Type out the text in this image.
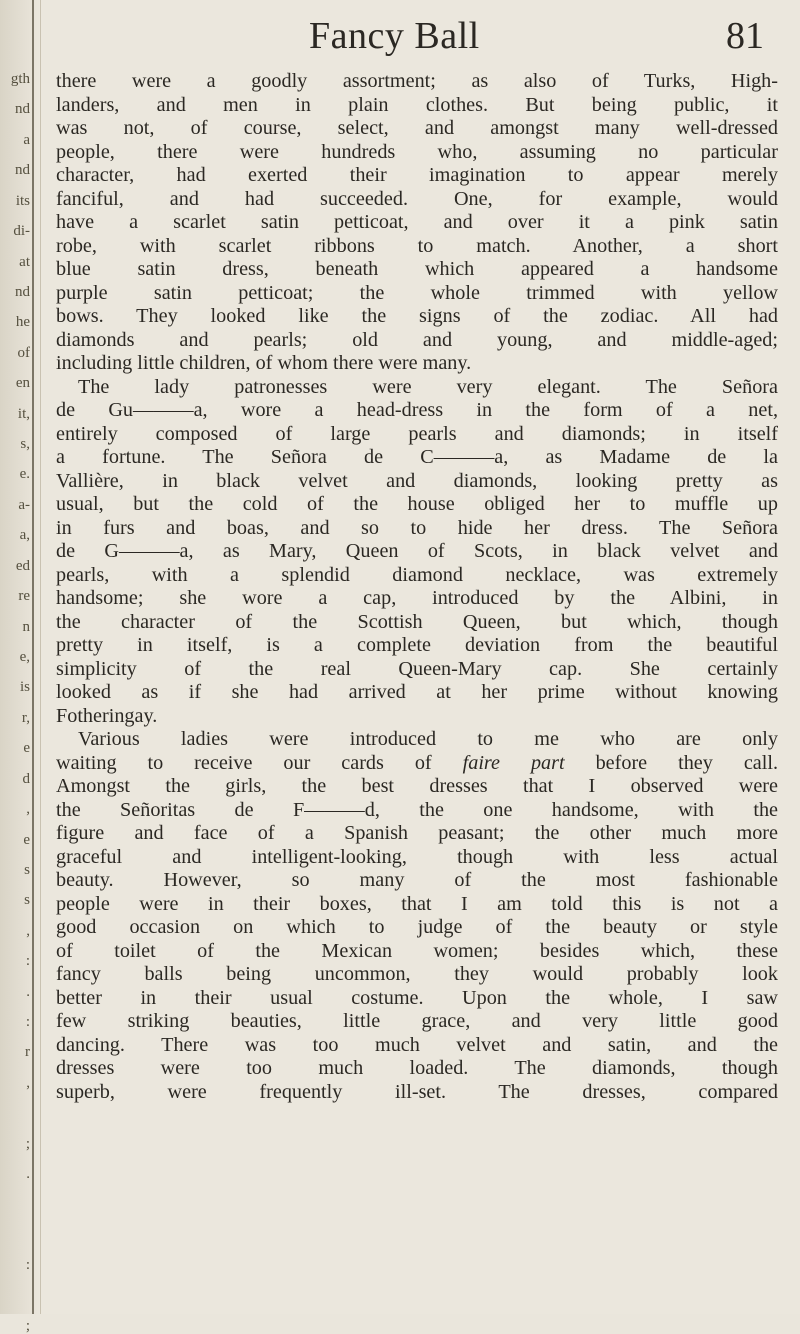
gth
nd
a
nd
its
di-
at
nd
he
of
en
it,
s,
e.
a-
a,
ed
re
n
e,
is
r,
e
d
,
e
s
s
,
:
.
:
r
,
;
.
:
;
Fancy Ball	81
there were a goodly assortment; as also of Turks, High-
landers, and men in plain clothes. But being public, it
was not, of course, select, and amongst many well-dressed
people, there were hundreds who, assuming no particular
character, had exerted their imagination to appear merely
fanciful, and had succeeded. One, for example, would
have a scarlet satin petticoat, and over it a pink satin
robe, with scarlet ribbons to match. Another, a short
blue satin dress, beneath which appeared a handsome
purple satin petticoat; the whole trimmed with yellow
bows. They looked like the signs of the zodiac. All had
diamonds and pearls; old and young, and middle-aged;
including little children, of whom there were many.
The lady patronesses were very elegant. The Señora
de Gu———a, wore a head-dress in the form of a net,
entirely composed of large pearls and diamonds; in itself
a fortune. The Señora de C———a, as Madame de la
Vallière, in black velvet and diamonds, looking pretty as
usual, but the cold of the house obliged her to muffle up
in furs and boas, and so to hide her dress. The Señora
de G———a, as Mary, Queen of Scots, in black velvet and
pearls, with a splendid diamond necklace, was extremely
handsome; she wore a cap, introduced by the Albini, in
the character of the Scottish Queen, but which, though
pretty in itself, is a complete deviation from the beautiful
simplicity of the real Queen-Mary cap. She certainly
looked as if she had arrived at her prime without knowing
Fotheringay.
Various ladies were introduced to me who are only
waiting to receive our cards of faire part before they call.
Amongst the girls, the best dresses that I observed were
the Señoritas de F———d, the one handsome, with the
figure and face of a Spanish peasant; the other much more
graceful and intelligent-looking, though with less actual
beauty. However, so many of the most fashionable
people were in their boxes, that I am told this is not a
good occasion on which to judge of the beauty or style
of toilet of the Mexican women; besides which, these
fancy balls being uncommon, they would probably look
better in their usual costume. Upon the whole, I saw
few striking beauties, little grace, and very little good
dancing. There was too much velvet and satin, and the
dresses were too much loaded. The diamonds, though
superb, were frequently ill-set. The dresses, compared
